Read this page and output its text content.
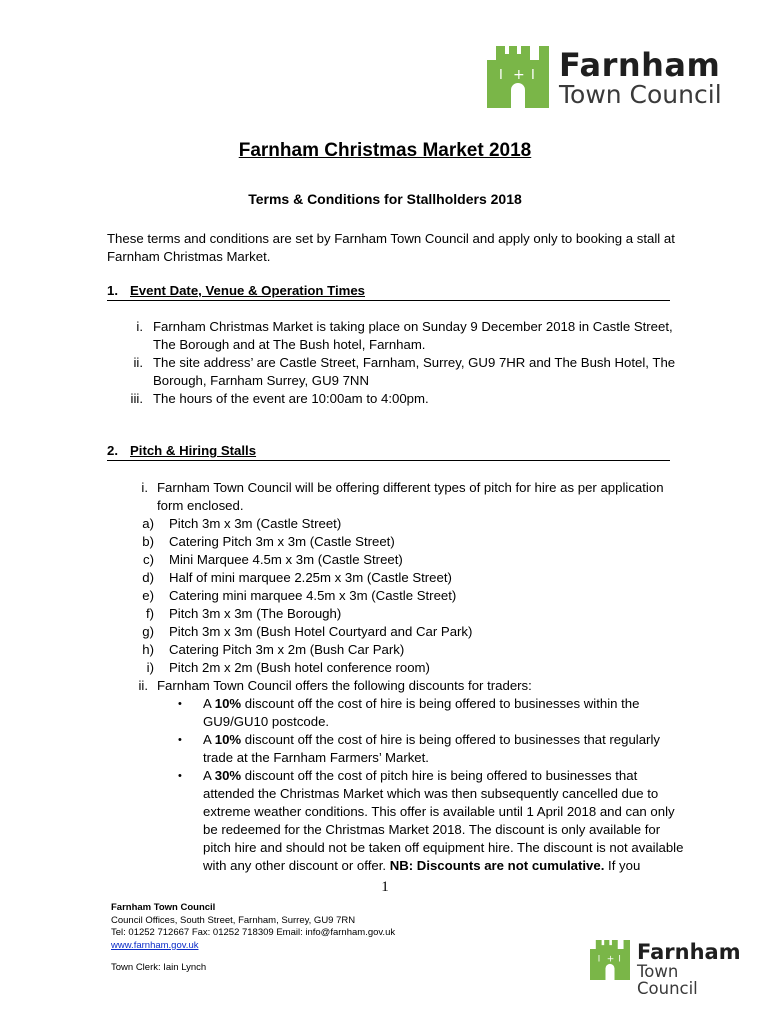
I + I Farnham
Town Council
Farnham Christmas Market 2018
Terms & Conditions for Stallholders 2018
These terms and conditions are set by Farnham Town Council and apply only to booking a stall at
Farnham Christmas Market.
1. Event Date, Venue & Operation Times
i. Farnham Christmas Market is taking place on Sunday 9 December 2018 in Castle Street,
The Borough and at The Bush hotel, Farnham.
ii. The site address’ are Castle Street, Farnham, Surrey, GU9 7HR and The Bush Hotel, The
Borough, Farnham Surrey, GU9 7NN
iii. The hours of the event are 10:00am to 4:00pm.
2. Pitch & Hiring Stalls
i. Farnham Town Council will be offering different types of pitch for hire as per application
form enclosed.
a) Pitch 3m x 3m (Castle Street)
b) Catering Pitch 3m x 3m (Castle Street)
c) Mini Marquee 4.5m x 3m (Castle Street)
d) Half of mini marquee 2.25m x 3m (Castle Street)
e) Catering mini marquee 4.5m x 3m (Castle Street)
f) Pitch 3m x 3m (The Borough)
g) Pitch 3m x 3m (Bush Hotel Courtyard and Car Park)
h) Catering Pitch 3m x 2m (Bush Car Park)
i) Pitch 2m x 2m (Bush hotel conference room)
ii. Farnham Town Council offers the following discounts for traders:
• A 10% discount off the cost of hire is being offered to businesses within the
GU9/GU10 postcode.
• A 10% discount off the cost of hire is being offered to businesses that regularly
trade at the Farnham Farmers’ Market.
• A 30% discount off the cost of pitch hire is being offered to businesses that
attended the Christmas Market which was then subsequently cancelled due to
extreme weather conditions. This offer is available until 1 April 2018 and can only
be redeemed for the Christmas Market 2018. The discount is only available for
pitch hire and should not be taken off equipment hire. The discount is not available
with any other discount or offer. NB: Discounts are not cumulative. If you
1
Farnham Town Council
Council Offices, South Street, Farnham, Surrey, GU9 7RN
Tel: 01252 712667 Fax: 01252 718309 Email: info@farnham.gov.uk
www.farnham.gov.uk
Town Clerk: Iain Lynch
I + I Farnham
Town Council
